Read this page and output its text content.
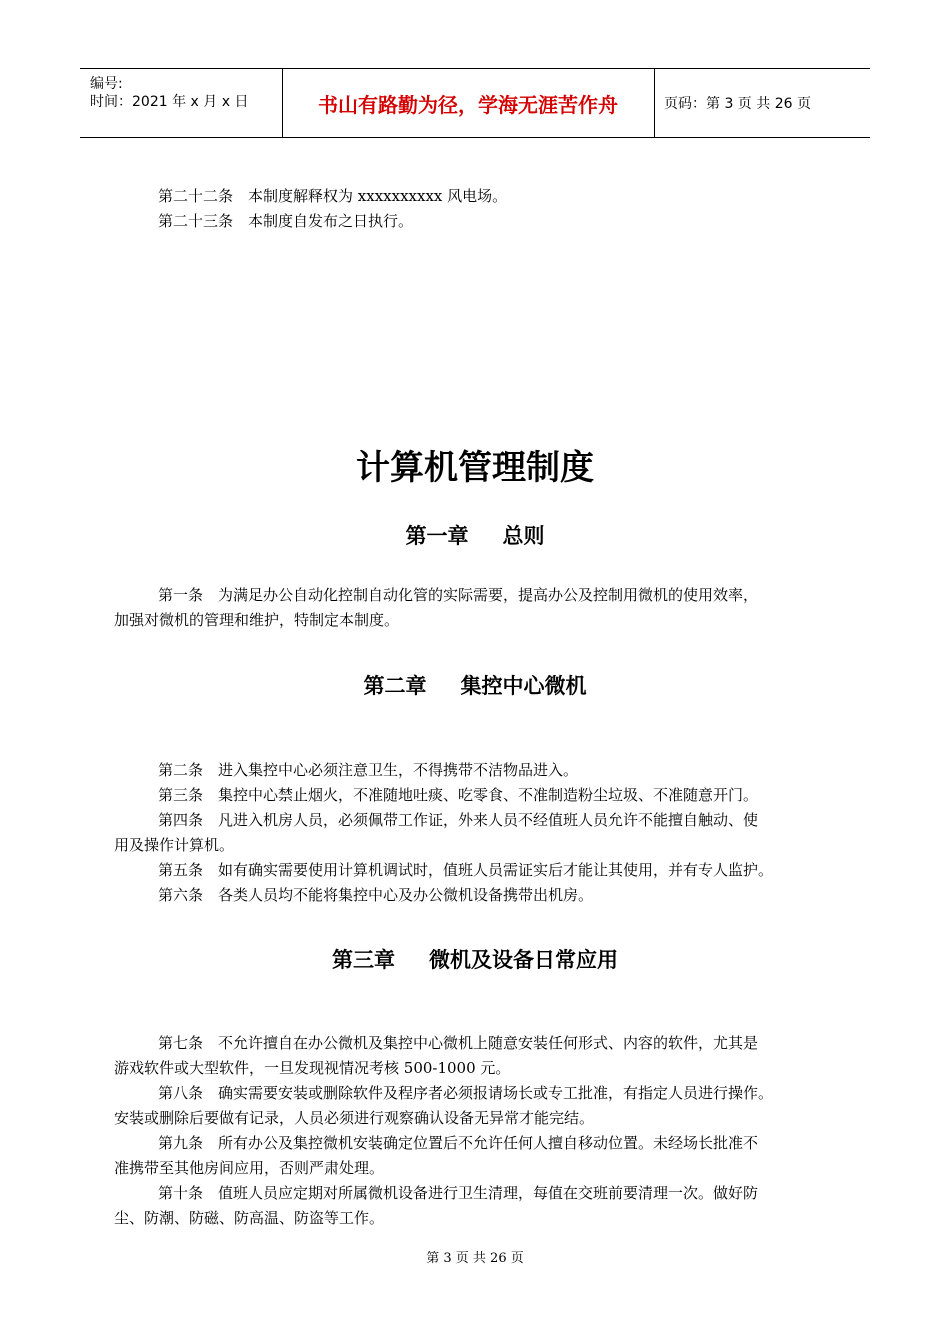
编号:
时间：2021 年 x 月 x 日	书山有路勤为径，学海无涯苦作舟	页码：第 3 页 共 26 页
第二十二条　本制度解释权为 xxxxxxxxxx 风电场。
第二十三条　本制度自发布之日执行。
计算机管理制度
第一章 总则
第一条　为满足办公自动化控制自动化管的实际需要，提高办公及控制用微机的使用效率，
加强对微机的管理和维护，特制定本制度。
第二章 集控中心微机
第二条　进入集控中心必须注意卫生，不得携带不洁物品进入。
第三条　集控中心禁止烟火，不准随地吐痰、吃零食、不准制造粉尘垃圾、不准随意开门。
第四条　凡进入机房人员，必须佩带工作证，外来人员不经值班人员允许不能擅自触动、使
用及操作计算机。
第五条　如有确实需要使用计算机调试时，值班人员需证实后才能让其使用，并有专人监护。
第六条　各类人员均不能将集控中心及办公微机设备携带出机房。
第三章 微机及设备日常应用
第七条　不允许擅自在办公微机及集控中心微机上随意安装任何形式、内容的软件，尤其是
游戏软件或大型软件，一旦发现视情况考核 500-1000 元。
第八条　确实需要安装或删除软件及程序者必须报请场长或专工批准，有指定人员进行操作。
安装或删除后要做有记录，人员必须进行观察确认设备无异常才能完结。
第九条　所有办公及集控微机安装确定位置后不允许任何人擅自移动位置。未经场长批准不
准携带至其他房间应用，否则严肃处理。
第十条　值班人员应定期对所属微机设备进行卫生清理，每值在交班前要清理一次。做好防
尘、防潮、防磁、防高温、防盗等工作。
第 3 页 共 26 页
